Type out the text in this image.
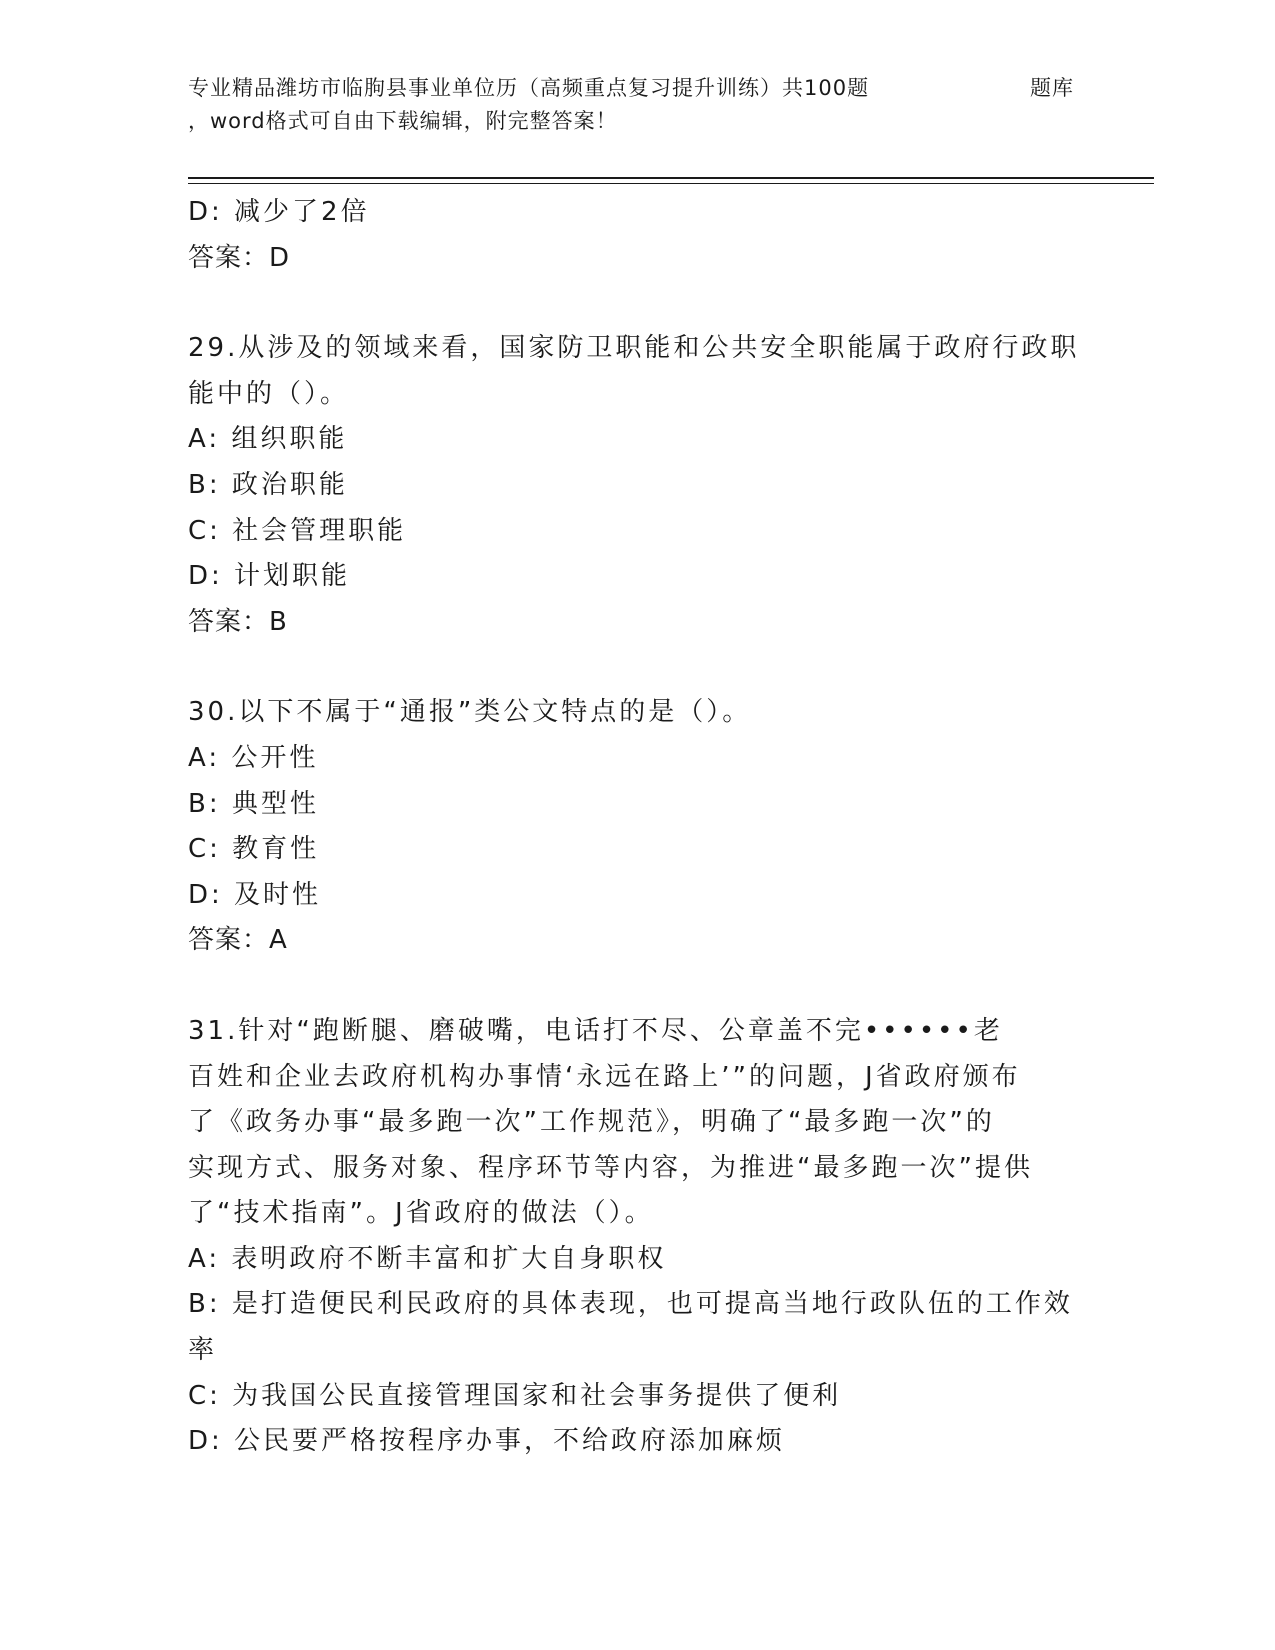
专业精品潍坊市临朐县事业单位历（高频重点复习提升训练）共100题	题库
，word格式可自由下载编辑，附完整答案！
D: 减少了2倍
答案：D
29.从涉及的领域来看，国家防卫职能和公共安全职能属于政府行政职
能中的（）。
A: 组织职能
B: 政治职能
C: 社会管理职能
D: 计划职能
答案：B
30.以下不属于“通报”类公文特点的是（）。
A: 公开性
B: 典型性
C: 教育性
D: 及时性
答案：A
31.针对“跑断腿、磨破嘴，电话打不尽、公章盖不完••••••老
百姓和企业去政府机构办事情‘永远在路上’”的问题，J省政府颁布
了《政务办事“最多跑一次”工作规范》，明确了“最多跑一次”的
实现方式、服务对象、程序环节等内容，为推进“最多跑一次”提供
了“技术指南”。J省政府的做法（）。
A: 表明政府不断丰富和扩大自身职权
B: 是打造便民利民政府的具体表现，也可提高当地行政队伍的工作效
率
C: 为我国公民直接管理国家和社会事务提供了便利
D: 公民要严格按程序办事，不给政府添加麻烦
